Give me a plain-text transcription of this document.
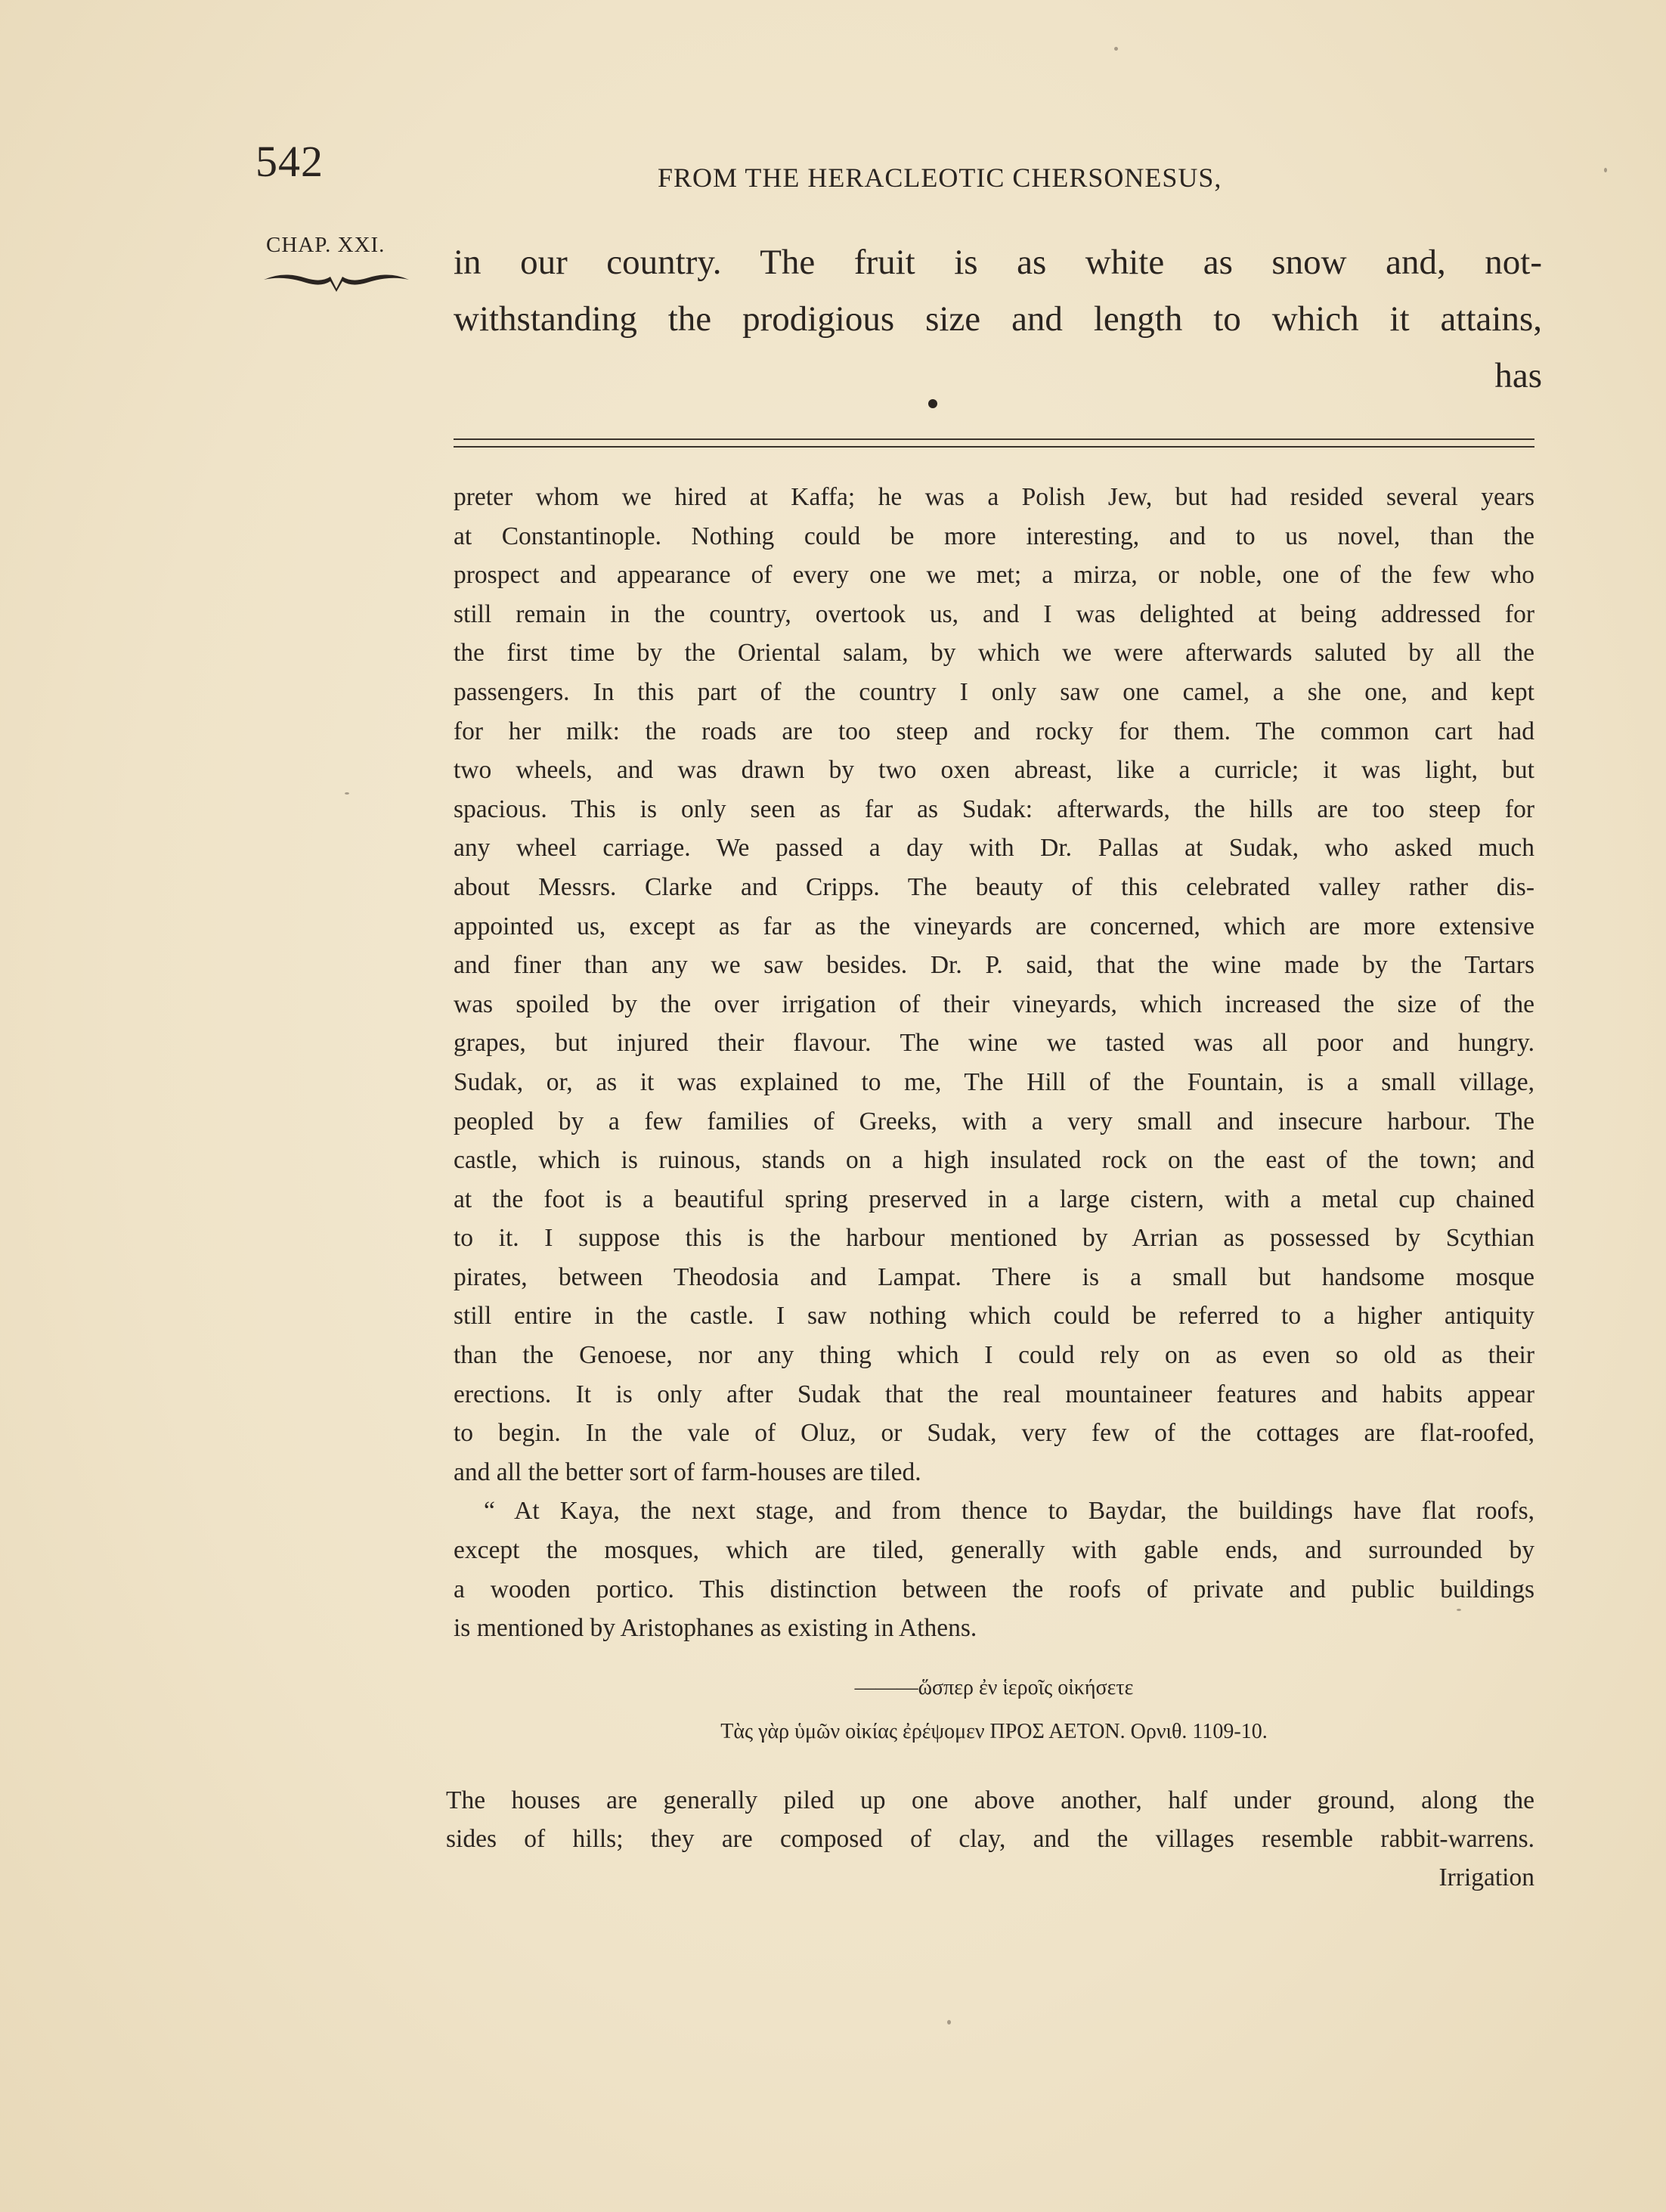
542	FROM THE HERACLEOTIC CHERSONESUS,
CHAP. XXI. in our country. The fruit is as white as snow and, not-
withstanding the prodigious size and length to which it attains,
has
preter whom we hired at Kaffa; he was a Polish Jew, but had resided several years
at Constantinople. Nothing could be more interesting, and to us novel, than the
prospect and appearance of every one we met; a mirza, or noble, one of the few who
still remain in the country, overtook us, and I was delighted at being addressed for
the first time by the Oriental salam, by which we were afterwards saluted by all the
passengers. In this part of the country I only saw one camel, a she one, and kept
for her milk: the roads are too steep and rocky for them. The common cart had
two wheels, and was drawn by two oxen abreast, like a curricle; it was light, but
spacious. This is only seen as far as Sudak: afterwards, the hills are too steep for
any wheel carriage. We passed a day with Dr. Pallas at Sudak, who asked much
about Messrs. Clarke and Cripps. The beauty of this celebrated valley rather dis-
appointed us, except as far as the vineyards are concerned, which are more extensive
and finer than any we saw besides. Dr. P. said, that the wine made by the Tartars
was spoiled by the over irrigation of their vineyards, which increased the size of the
grapes, but injured their flavour. The wine we tasted was all poor and hungry.
Sudak, or, as it was explained to me, The Hill of the Fountain, is a small village,
peopled by a few families of Greeks, with a very small and insecure harbour. The
castle, which is ruinous, stands on a high insulated rock on the east of the town; and
at the foot is a beautiful spring preserved in a large cistern, with a metal cup chained
to it. I suppose this is the harbour mentioned by Arrian as possessed by Scythian
pirates, between Theodosia and Lampat. There is a small but handsome mosque
still entire in the castle. I saw nothing which could be referred to a higher antiquity
than the Genoese, nor any thing which I could rely on as even so old as their
erections. It is only after Sudak that the real mountaineer features and habits appear
to begin. In the vale of Oluz, or Sudak, very few of the cottages are flat-roofed,
and all the better sort of farm-houses are tiled.
“ At Kaya, the next stage, and from thence to Baydar, the buildings have flat roofs,
except the mosques, which are tiled, generally with gable ends, and surrounded by
a wooden portico. This distinction between the roofs of private and public buildings
is mentioned by Aristophanes as existing in Athens.
———ὥσπερ ἐν ἱεροῖς οἰκήσετε
Τὰς γὰρ ὑμῶν οἰκίας ἐρέψομεν ΠΡΟΣ ΑΕΤΟΝ. Ορνιθ. 1109-10.
The houses are generally piled up one above another, half under ground, along the
sides of hills; they are composed of clay, and the villages resemble rabbit-warrens.
Irrigation
